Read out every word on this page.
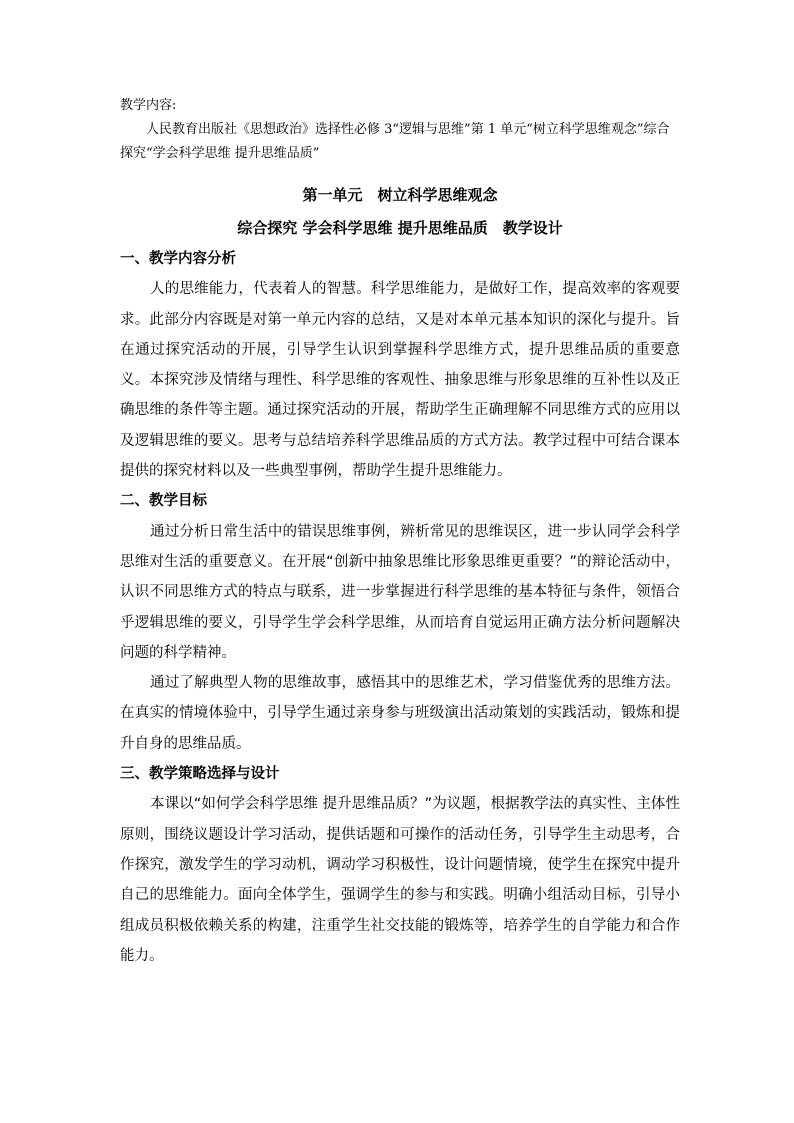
教学内容:

人民教育出版社《思想政治》选择性必修 3“逻辑与思维”第 1 单元“树立科学思维观念”综合探究“学会科学思维 提升思维品质”

第一单元　树立科学思维观念
综合探究 学会科学思维 提升思维品质　教学设计
一、教学内容分析

人的思维能力，代表着人的智慧。科学思维能力，是做好工作，提高效率的客观要求。此部分内容既是对第一单元内容的总结，又是对本单元基本知识的深化与提升。旨在通过探究活动的开展，引导学生认识到掌握科学思维方式，提升思维品质的重要意义。本探究涉及情绪与理性、科学思维的客观性、抽象思维与形象思维的互补性以及正确思维的条件等主题。通过探究活动的开展，帮助学生正确理解不同思维方式的应用以及逻辑思维的要义。思考与总结培养科学思维品质的方式方法。教学过程中可结合课本提供的探究材料以及一些典型事例，帮助学生提升思维能力。

二、教学目标

通过分析日常生活中的错误思维事例，辨析常见的思维误区，进一步认同学会科学思维对生活的重要意义。在开展“创新中抽象思维比形象思维更重要？”的辩论活动中，认识不同思维方式的特点与联系，进一步掌握进行科学思维的基本特征与条件，领悟合乎逻辑思维的要义，引导学生学会科学思维，从而培育自觉运用正确方法分析问题解决问题的科学精神。

通过了解典型人物的思维故事，感悟其中的思维艺术，学习借鉴优秀的思维方法。在真实的情境体验中，引导学生通过亲身参与班级演出活动策划的实践活动，锻炼和提升自身的思维品质。

三、教学策略选择与设计

本课以“如何学会科学思维 提升思维品质？”为议题，根据教学法的真实性、主体性原则，围绕议题设计学习活动，提供话题和可操作的活动任务，引导学生主动思考，合作探究，激发学生的学习动机，调动学习积极性，设计问题情境，使学生在探究中提升自己的思维能力。面向全体学生，强调学生的参与和实践。明确小组活动目标，引导小组成员积极依赖关系的构建，注重学生社交技能的锻炼等，培养学生的自学能力和合作能力。
